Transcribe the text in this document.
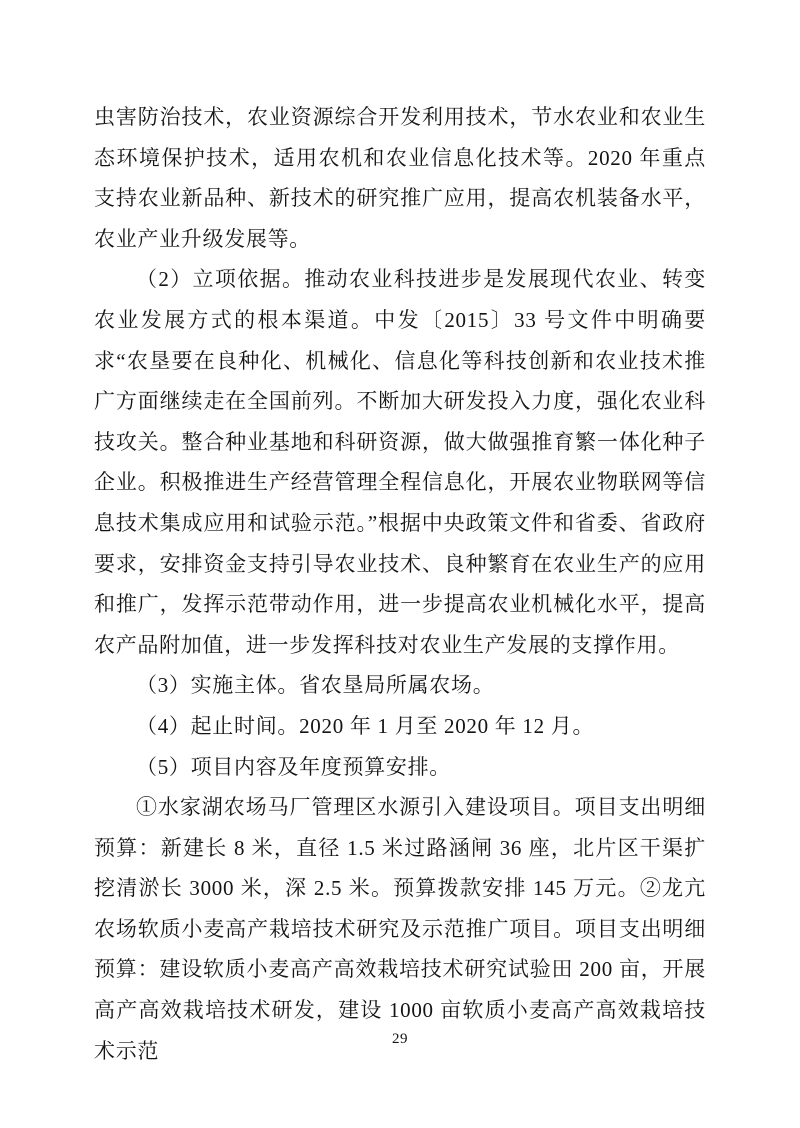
虫害防治技术，农业资源综合开发利用技术，节水农业和农业生态环境保护技术，适用农机和农业信息化技术等。2020 年重点支持农业新品种、新技术的研究推广应用，提高农机装备水平，农业产业升级发展等。

（2）立项依据。推动农业科技进步是发展现代农业、转变农业发展方式的根本渠道。中发〔2015〕33 号文件中明确要求“农垦要在良种化、机械化、信息化等科技创新和农业技术推广方面继续走在全国前列。不断加大研发投入力度，强化农业科技攻关。整合种业基地和科研资源，做大做强推育繁一体化种子企业。积极推进生产经营管理全程信息化，开展农业物联网等信息技术集成应用和试验示范。”根据中央政策文件和省委、省政府要求，安排资金支持引导农业技术、良种繁育在农业生产的应用和推广，发挥示范带动作用，进一步提高农业机械化水平，提高农产品附加值，进一步发挥科技对农业生产发展的支撑作用。

（3）实施主体。省农垦局所属农场。

（4）起止时间。2020 年 1 月至 2020 年 12 月。

（5）项目内容及年度预算安排。

①水家湖农场马厂管理区水源引入建设项目。项目支出明细预算：新建长 8 米，直径 1.5 米过路涵闸 36 座，北片区干渠扩挖清淤长 3000 米，深 2.5 米。预算拨款安排 145 万元。②龙亢农场软质小麦高产栽培技术研究及示范推广项目。项目支出明细预算：建设软质小麦高产高效栽培技术研究试验田 200 亩，开展高产高效栽培技术研发，建设 1000 亩软质小麦高产高效栽培技术示范	29
